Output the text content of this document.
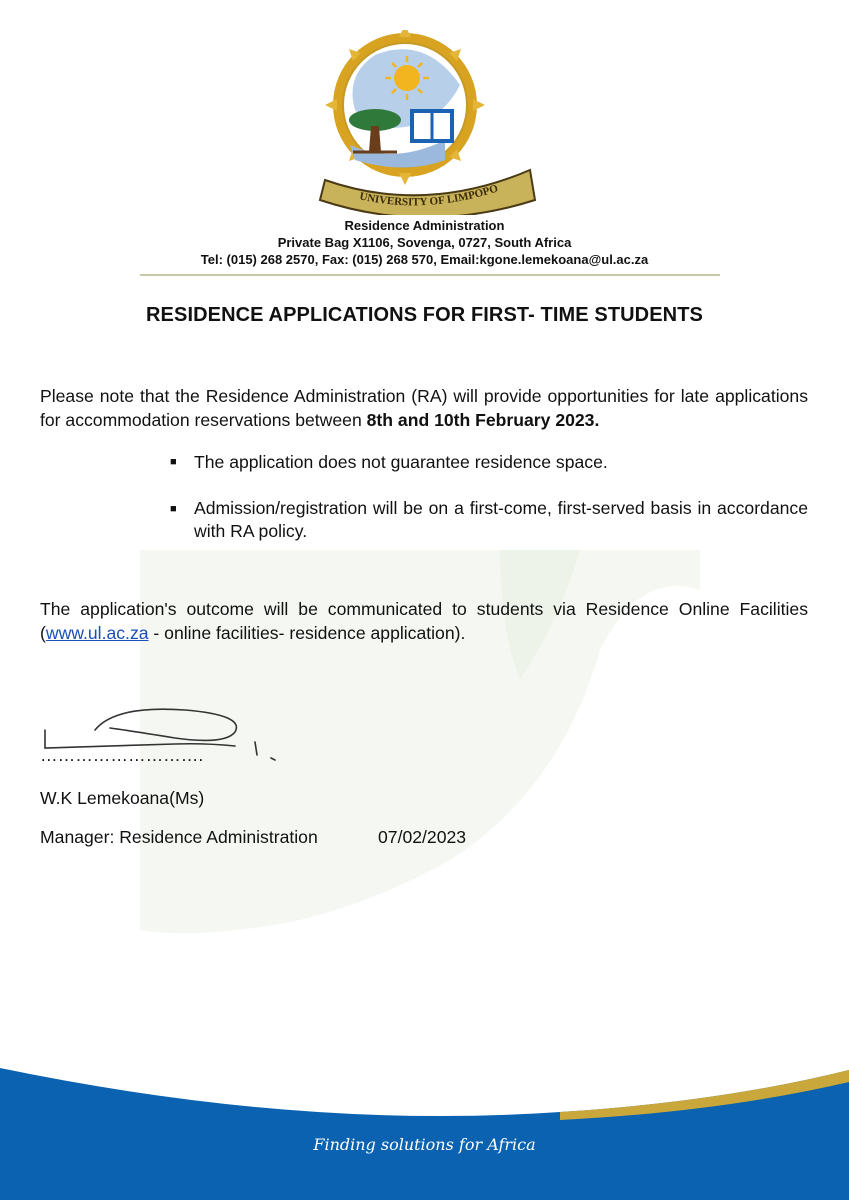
UNIVERSITY OF LIMPOPO
Residence Administration
Private Bag X1106, Sovenga, 0727, South Africa
Tel: (015) 268 2570, Fax: (015) 268 570, Email:kgone.lemekoana@ul.ac.za
RESIDENCE APPLICATIONS FOR FIRST- TIME STUDENTS
Please note that the Residence Administration (RA) will provide opportunities for late applications for accommodation reservations between 8th and 10th February 2023.
■ The application does not guarantee residence space.
■ Admission/registration will be on a first-come, first-served basis in accordance with RA policy.
The application's outcome will be communicated to students via Residence Online Facilities (www.ul.ac.za - online facilities- residence application).
……………………….
W.K Lemekoana(Ms)
Manager: Residence Administration	07/02/2023
Finding solutions for Africa
